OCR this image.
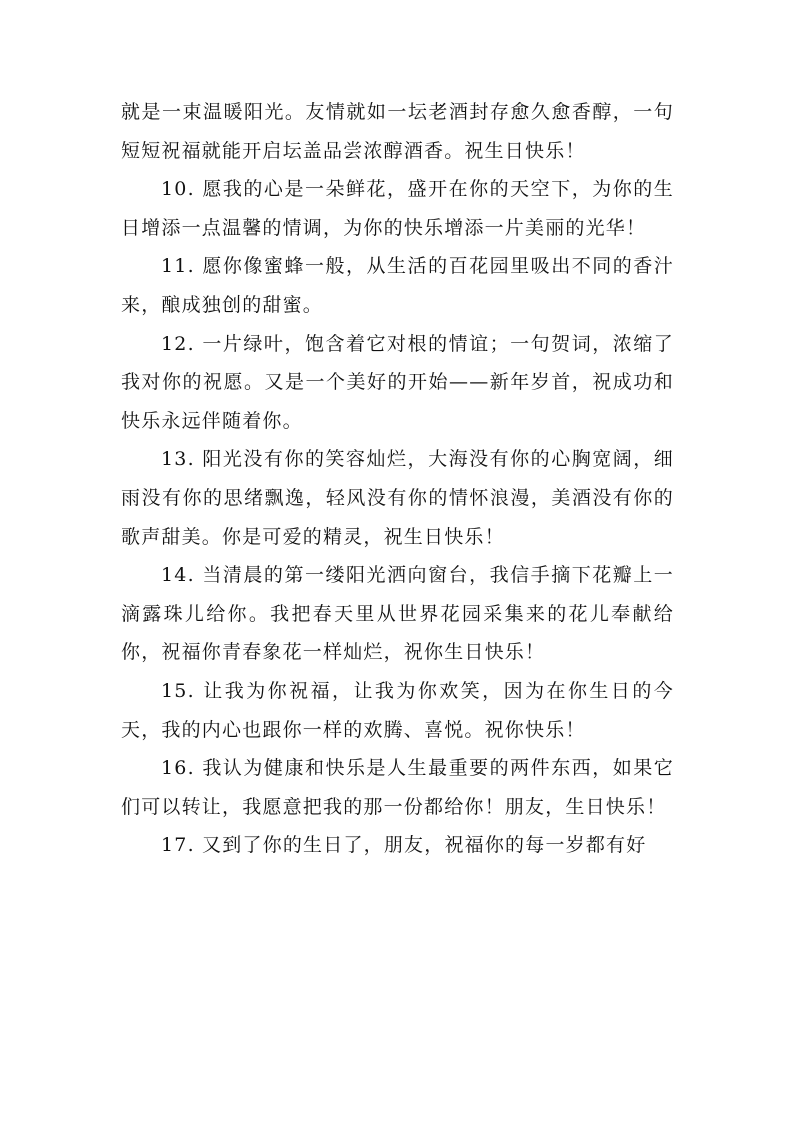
就是一束温暖阳光。友情就如一坛老酒封存愈久愈香醇，一句短短祝福就能开启坛盖品尝浓醇酒香。祝生日快乐！

10. 愿我的心是一朵鲜花，盛开在你的天空下，为你的生日增添一点温馨的情调，为你的快乐增添一片美丽的光华！

11. 愿你像蜜蜂一般，从生活的百花园里吸出不同的香汁来，酿成独创的甜蜜。

12. 一片绿叶，饱含着它对根的情谊；一句贺词，浓缩了我对你的祝愿。又是一个美好的开始——新年岁首，祝成功和快乐永远伴随着你。

13. 阳光没有你的笑容灿烂，大海没有你的心胸宽阔，细雨没有你的思绪飘逸，轻风没有你的情怀浪漫，美酒没有你的歌声甜美。你是可爱的精灵，祝生日快乐！

14. 当清晨的第一缕阳光洒向窗台，我信手摘下花瓣上一滴露珠儿给你。我把春天里从世界花园采集来的花儿奉献给你，祝福你青春象花一样灿烂，祝你生日快乐！

15. 让我为你祝福，让我为你欢笑，因为在你生日的今天，我的内心也跟你一样的欢腾、喜悦。祝你快乐！

16. 我认为健康和快乐是人生最重要的两件东西，如果它们可以转让，我愿意把我的那一份都给你！朋友，生日快乐！

17. 又到了你的生日了，朋友，祝福你的每一岁都有好
